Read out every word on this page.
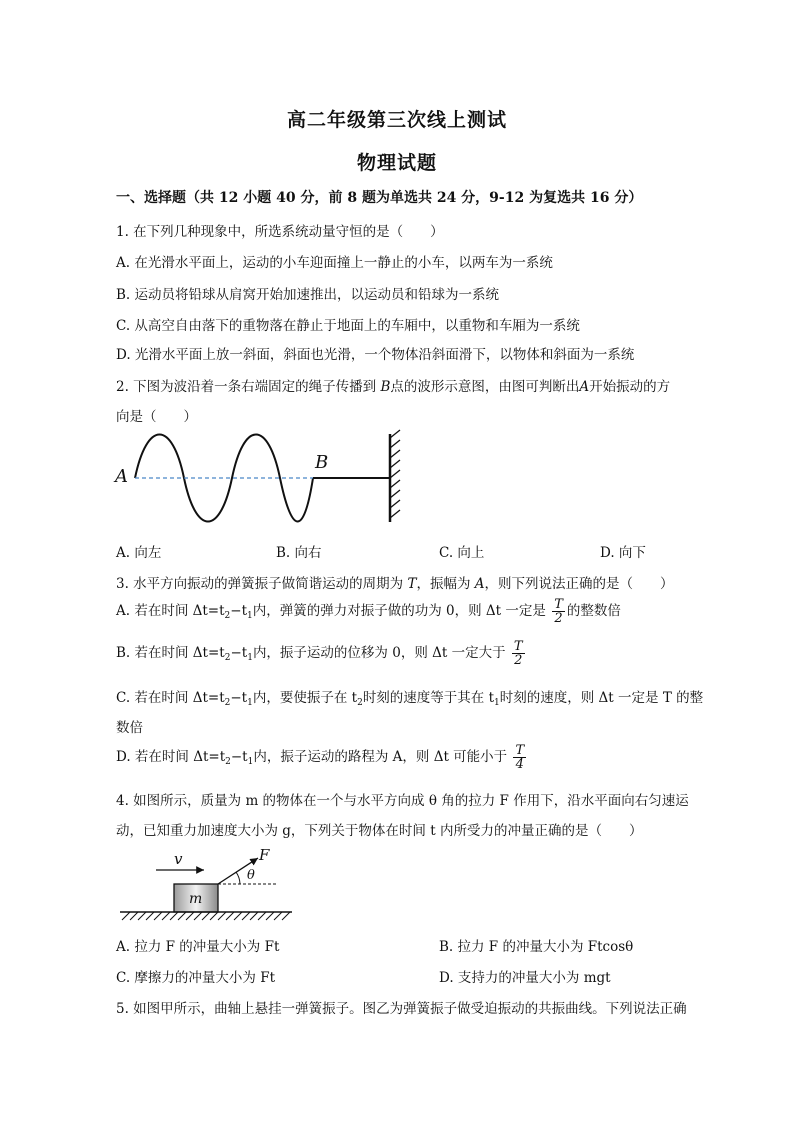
高二年级第三次线上测试
物理试题
一、选择题（共 12 小题 40 分，前 8 题为单选共 24 分，9-12 为复选共 16 分）
1. 在下列几种现象中，所选系统动量守恒的是（　　）
A. 在光滑水平面上，运动的小车迎面撞上一静止的小车，以两车为一系统
B. 运动员将铅球从肩窝开始加速推出，以运动员和铅球为一系统
C. 从高空自由落下的重物落在静止于地面上的车厢中，以重物和车厢为一系统
D. 光滑水平面上放一斜面，斜面也光滑，一个物体沿斜面滑下，以物体和斜面为一系统
2. 下图为波沿着一条右端固定的绳子传播到 B点的波形示意图，由图可判断出A开始振动的方
向是（　　）
A
B
A. 向左	B. 向右	C. 向上	D. 向下
3. 水平方向振动的弹簧振子做简谐运动的周期为 T，振幅为 A，则下列说法正确的是（　　）
A. 若在时间 $\Delta t=t_2-t_1$内，弹簧的弹力对振子做的功为 0，则 Δt 一定是 $\frac{T}{2}$ 的整数倍
B. 若在时间 $\Delta t=t_2-t_1$内，振子运动的位移为 0，则 Δt 一定大于 $\frac{T}{2}$
C. 若在时间 $\Delta t=t_2-t_1$内，要使振子在 $t_2$时刻的速度等于其在 $t_1$时刻的速度，则 Δt 一定是 T 的整
数倍
D. 若在时间 $\Delta t=t_2-t_1$内，振子运动的路程为 A，则 Δt 可能小于 $\frac{T}{4}$
4. 如图所示，质量为 m 的物体在一个与水平方向成 θ 角的拉力 F 作用下，沿水平面向右匀速运
动，已知重力加速度大小为 g，下列关于物体在时间 t 内所受力的冲量正确的是（　　）
v
m
F
θ
A. 拉力 F 的冲量大小为 Ft	B. 拉力 F 的冲量大小为 Ftcosθ
C. 摩擦力的冲量大小为 Ft	D. 支持力的冲量大小为 mgt
5. 如图甲所示，曲轴上悬挂一弹簧振子。图乙为弹簧振子做受迫振动的共振曲线。下列说法正确
